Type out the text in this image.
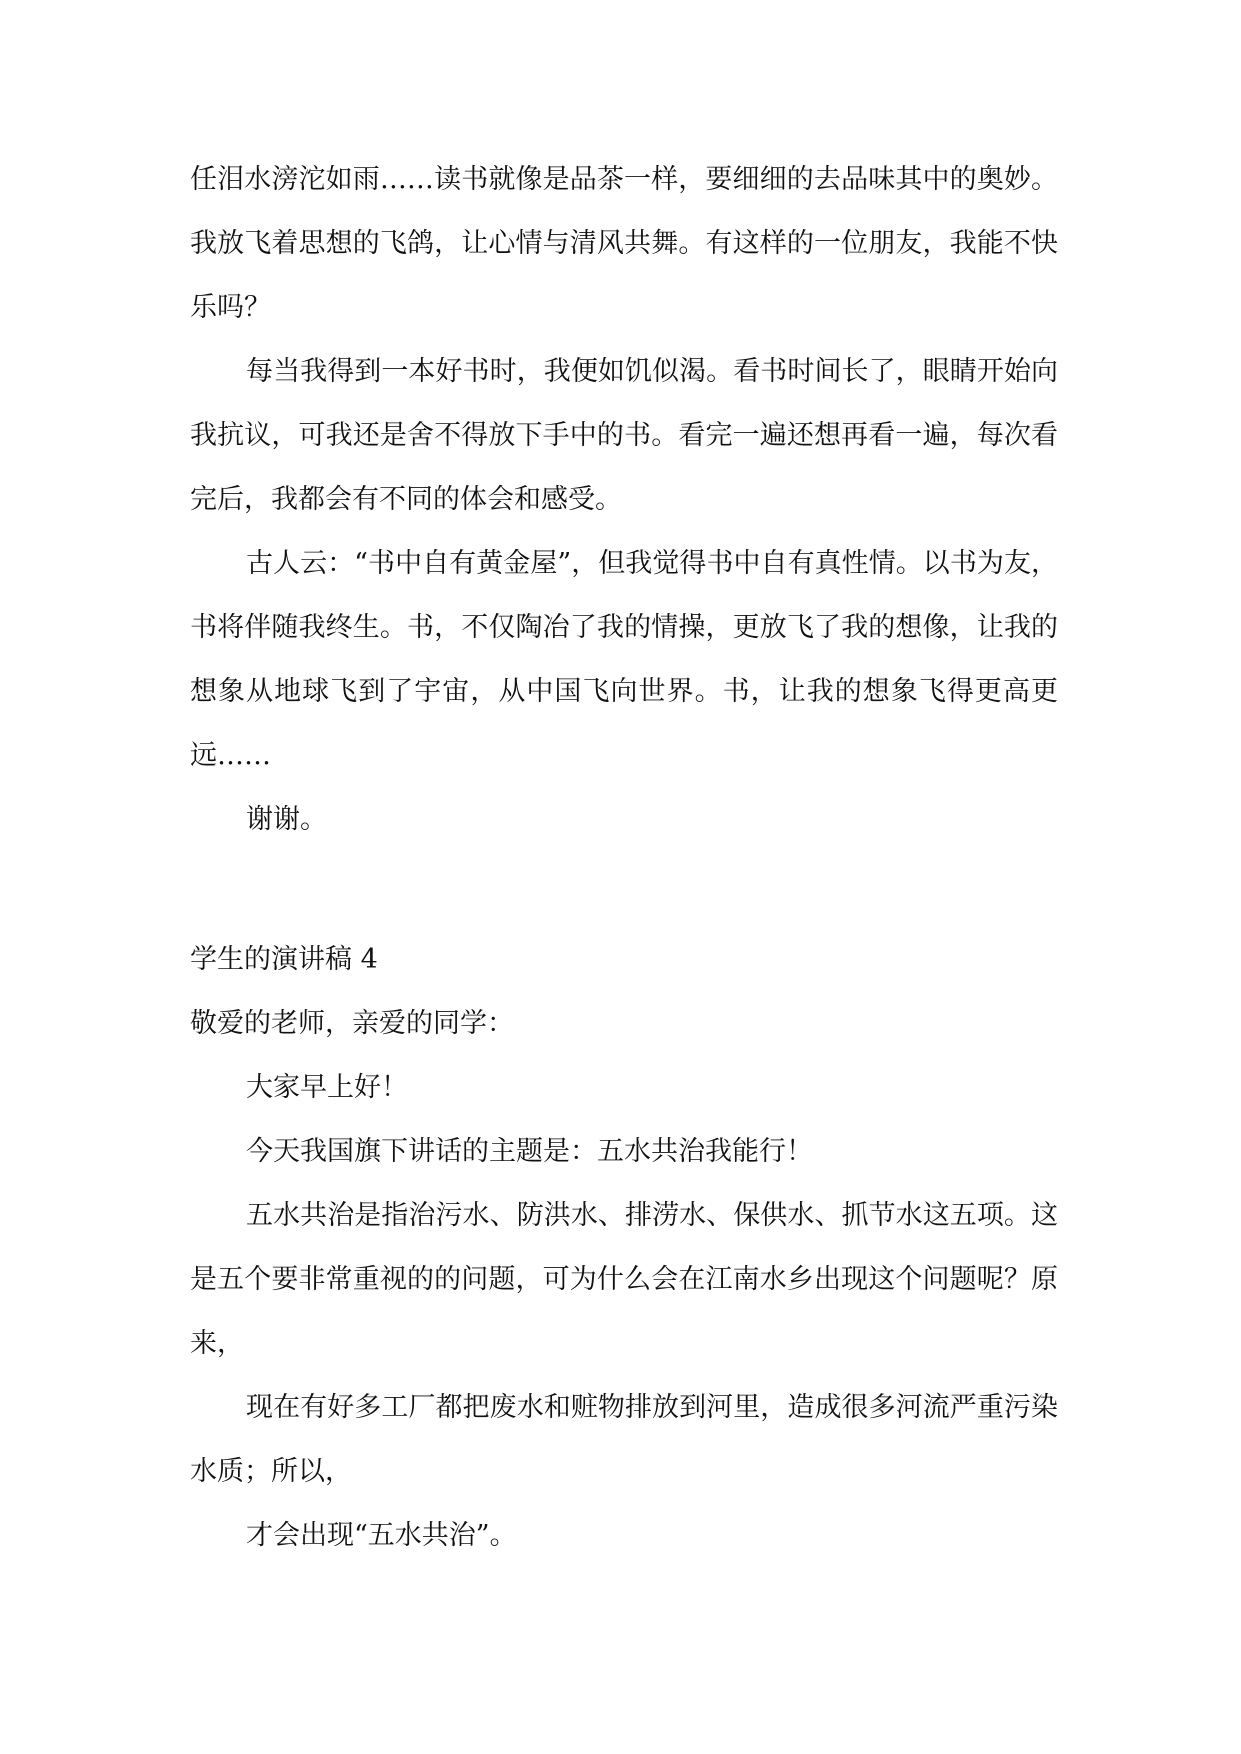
任泪水滂沱如雨……读书就像是品茶一样，要细细的去品味其中的奥妙。我放飞着思想的飞鸽，让心情与清风共舞。有这样的一位朋友，我能不快乐吗？

每当我得到一本好书时，我便如饥似渴。看书时间长了，眼睛开始向我抗议，可我还是舍不得放下手中的书。看完一遍还想再看一遍，每次看完后，我都会有不同的体会和感受。

古人云：“书中自有黄金屋”，但我觉得书中自有真性情。以书为友，书将伴随我终生。书，不仅陶冶了我的情操，更放飞了我的想像，让我的想象从地球飞到了宇宙，从中国飞向世界。书，让我的想象飞得更高更远……

谢谢。

学生的演讲稿 4

敬爱的老师，亲爱的同学：

大家早上好！

今天我国旗下讲话的主题是：五水共治我能行！

五水共治是指治污水、防洪水、排涝水、保供水、抓节水这五项。这是五个要非常重视的的问题，可为什么会在江南水乡出现这个问题呢？原来，

现在有好多工厂都把废水和赃物排放到河里，造成很多河流严重污染水质；所以，

才会出现“五水共治”。
